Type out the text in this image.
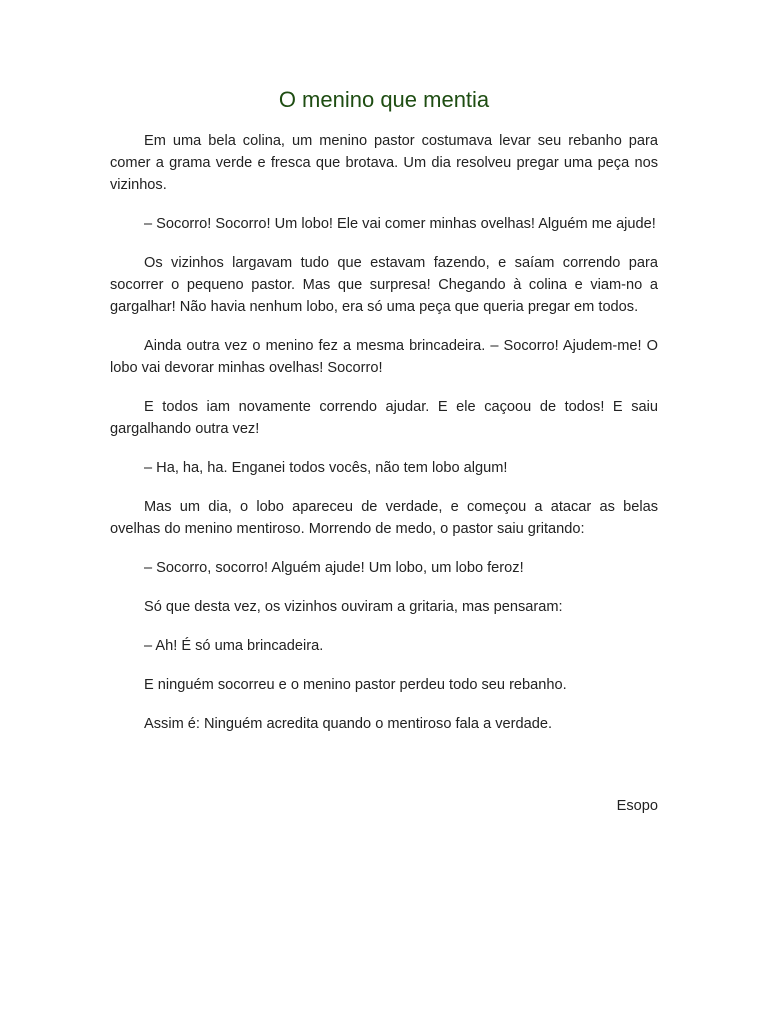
O menino que mentia

Em uma bela colina, um menino pastor costumava levar seu rebanho para comer a grama verde e fresca que brotava. Um dia resolveu pregar uma peça nos vizinhos.

– Socorro! Socorro! Um lobo! Ele vai comer minhas ovelhas! Alguém me ajude!

Os vizinhos largavam tudo que estavam fazendo, e saíam correndo para socorrer o pequeno pastor. Mas que surpresa! Chegando à colina e viam-no a gargalhar! Não havia nenhum lobo, era só uma peça que queria pregar em todos.

Ainda outra vez o menino fez a mesma brincadeira. – Socorro! Ajudem-me! O lobo vai devorar minhas ovelhas! Socorro!

E todos iam novamente correndo ajudar. E ele caçoou de todos! E saiu gargalhando outra vez!

– Ha, ha, ha. Enganei todos vocês, não tem lobo algum!

Mas um dia, o lobo apareceu de verdade, e começou a atacar as belas ovelhas do menino mentiroso. Morrendo de medo, o pastor saiu gritando:

– Socorro, socorro! Alguém ajude! Um lobo, um lobo feroz!

Só que desta vez, os vizinhos ouviram a gritaria, mas pensaram:

– Ah! É só uma brincadeira.

E ninguém socorreu e o menino pastor perdeu todo seu rebanho.

Assim é: Ninguém acredita quando o mentiroso fala a verdade.

Esopo
